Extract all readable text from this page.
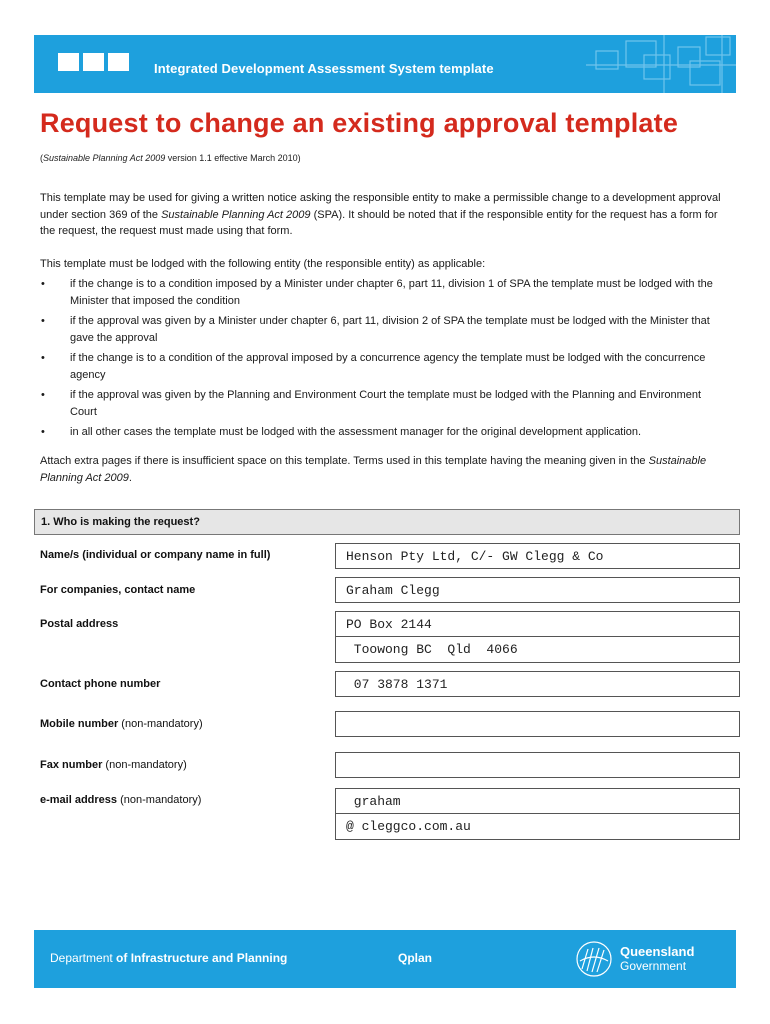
Integrated Development Assessment System template
Request to change an existing approval template
(Sustainable Planning Act 2009 version 1.1 effective March 2010)
This template may be used for giving a written notice asking the responsible entity to make a permissible change to a development approval under section 369 of the Sustainable Planning Act 2009 (SPA). It should be noted that if the responsible entity for the request has a form for the request, the request must made using that form.
This template must be lodged with the following entity (the responsible entity) as applicable:
• if the change is to a condition imposed by a Minister under chapter 6, part 11, division 1 of SPA the template must be lodged with the Minister that imposed the condition
• if the approval was given by a Minister under chapter 6, part 11, division 2 of SPA the template must be lodged with the Minister that gave the approval
• if the change is to a condition of the approval imposed by a concurrence agency the template must be lodged with the concurrence agency
• if the approval was given by the Planning and Environment Court the template must be lodged with the Planning and Environment Court
• in all other cases the template must be lodged with the assessment manager for the original development application.
Attach extra pages if there is insufficient space on this template. Terms used in this template having the meaning given in the Sustainable Planning Act 2009.
1. Who is making the request?
Name/s (individual or company name in full)	Henson Pty Ltd, C/- GW Clegg & Co
For companies, contact name	Graham Clegg
Postal address	PO Box 2144
Toowong BC  Qld  4066
Contact phone number	07 3878 1371
Mobile number (non-mandatory)
Fax number (non-mandatory)
e-mail address (non-mandatory)	graham
@ cleggco.com.au
Department of Infrastructure and Planning	Qplan	Queensland
Government
